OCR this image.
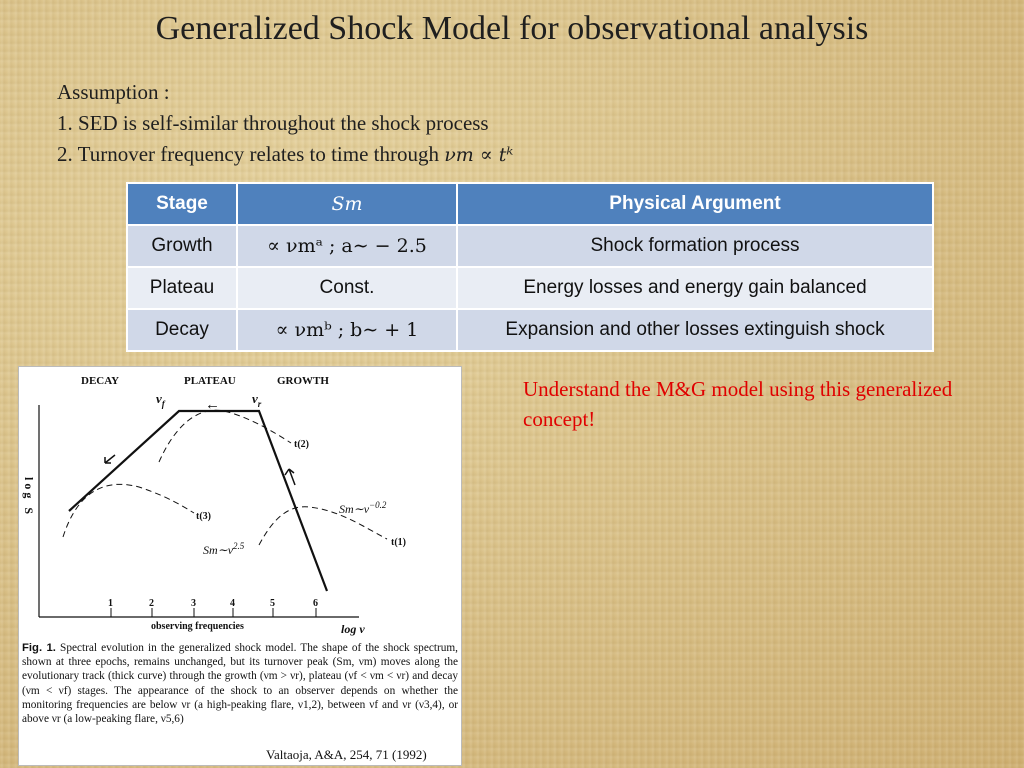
Generalized Shock Model for observational analysis
Assumption :
1. SED is self-similar throughout the shock process
2. Turnover frequency relates to time through νm ∝ tᵏ
Stage	Sm	Physical Argument
Growth	∝ νmᵃ ; a∼ − 2.5	Shock formation process
Plateau	Const.	Energy losses and energy gain balanced
Decay	∝ νmᵇ ; b∼ + 1	Expansion and other losses extinguish shock
DECAY	PLATEAU	GROWTH
$\nu_f$	$\nu_r$
←
t(2)
t(3)
t(1)
$Sm\sim\nu^{-0.2}$
$Sm\sim\nu^{2.5}$
log S
observing frequencies	log ν
1	2	3	4	5	6
Fig. 1. Spectral evolution in the generalized shock model. The shape of the shock spectrum, shown at three epochs, remains unchanged, but its turnover peak (Sm, νm) moves along the evolutionary track (thick curve) through the growth (νm > νr), plateau (νf < νm < νr) and decay (νm < νf) stages. The appearance of the shock to an observer depends on whether the monitoring frequencies are below νr (a high-peaking flare, ν1,2), between νf and νr (ν3,4), or above νr (a low-peaking flare, ν5,6)
Valtaoja, A&A, 254, 71 (1992)
Understand the M&G model using this generalized concept!
